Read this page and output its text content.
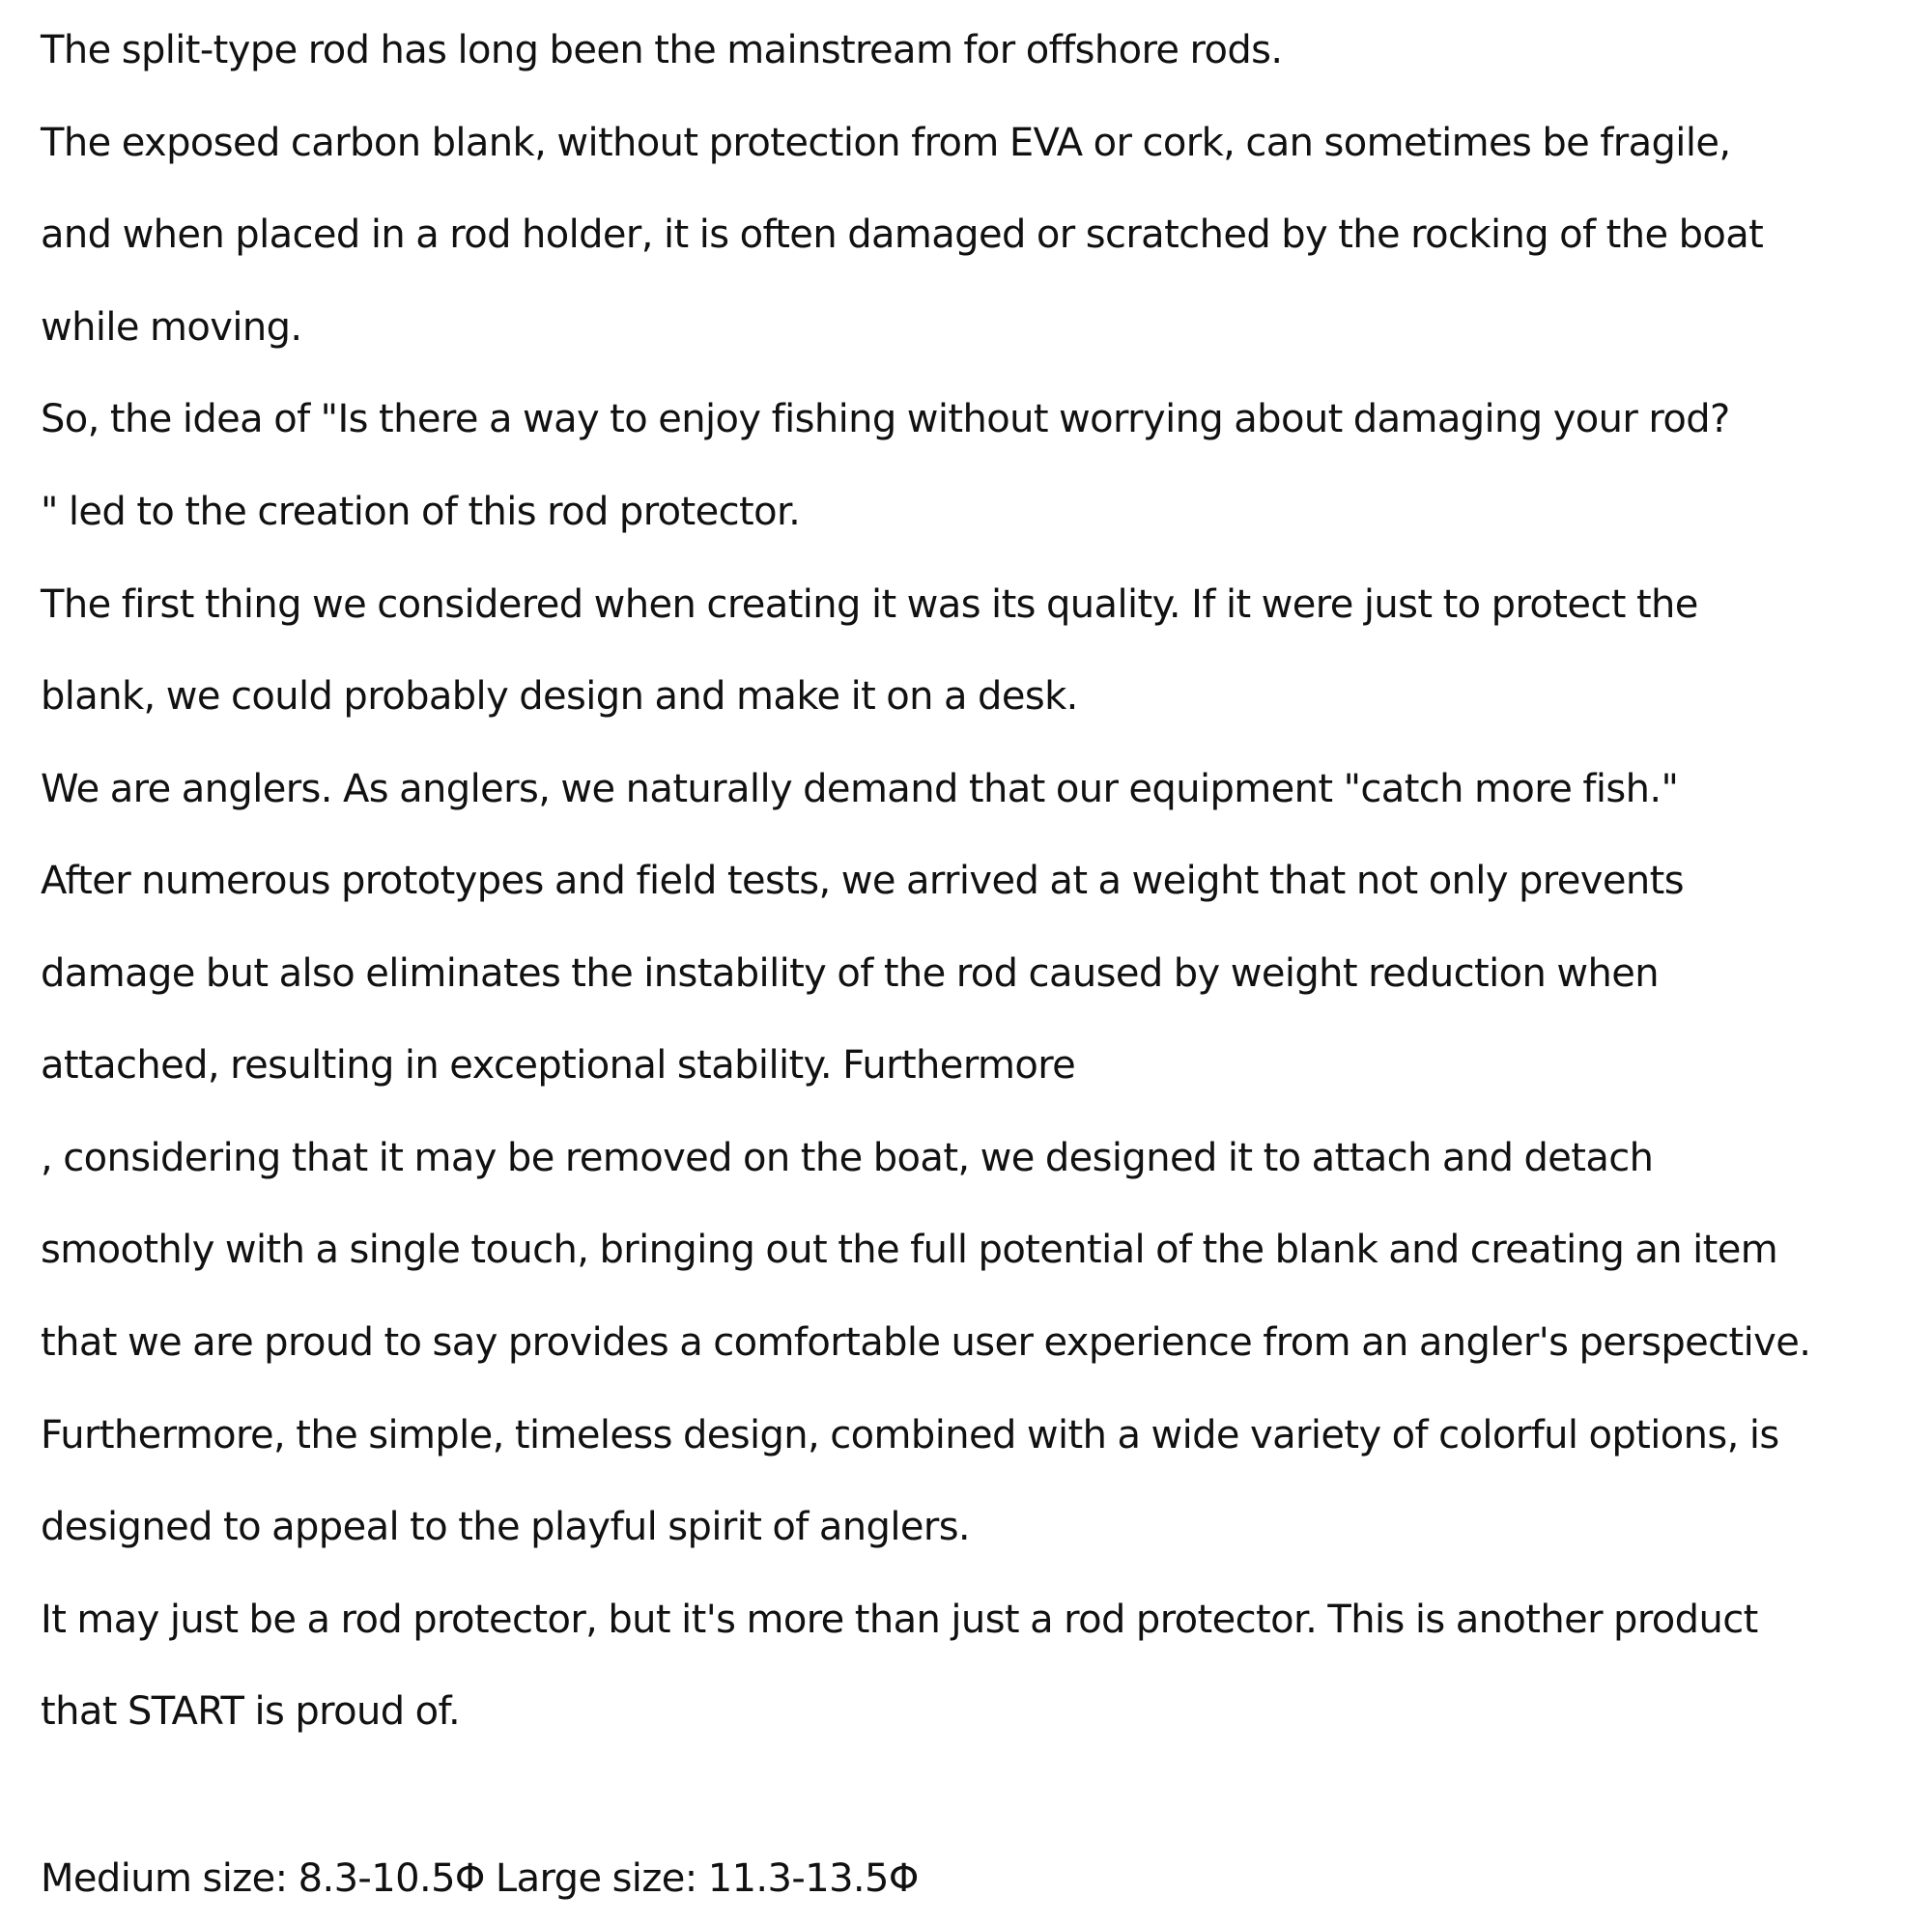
The split-type rod has long been the mainstream for offshore rods.
The exposed carbon blank, without protection from EVA or cork, can sometimes be fragile,
and when placed in a rod holder, it is often damaged or scratched by the rocking of the boat
while moving.
So, the idea of "Is there a way to enjoy fishing without worrying about damaging your rod?
" led to the creation of this rod protector.
The first thing we considered when creating it was its quality. If it were just to protect the
blank, we could probably design and make it on a desk.
We are anglers. As anglers, we naturally demand that our equipment "catch more fish."
After numerous prototypes and field tests, we arrived at a weight that not only prevents
damage but also eliminates the instability of the rod caused by weight reduction when
attached, resulting in exceptional stability. Furthermore
, considering that it may be removed on the boat, we designed it to attach and detach
smoothly with a single touch, bringing out the full potential of the blank and creating an item
that we are proud to say provides a comfortable user experience from an angler's perspective.
Furthermore, the simple, timeless design, combined with a wide variety of colorful options, is
designed to appeal to the playful spirit of anglers.
It may just be a rod protector, but it's more than just a rod protector. This is another product
that START is proud of.
Medium size: 8.3-10.5Φ Large size: 11.3-13.5Φ
